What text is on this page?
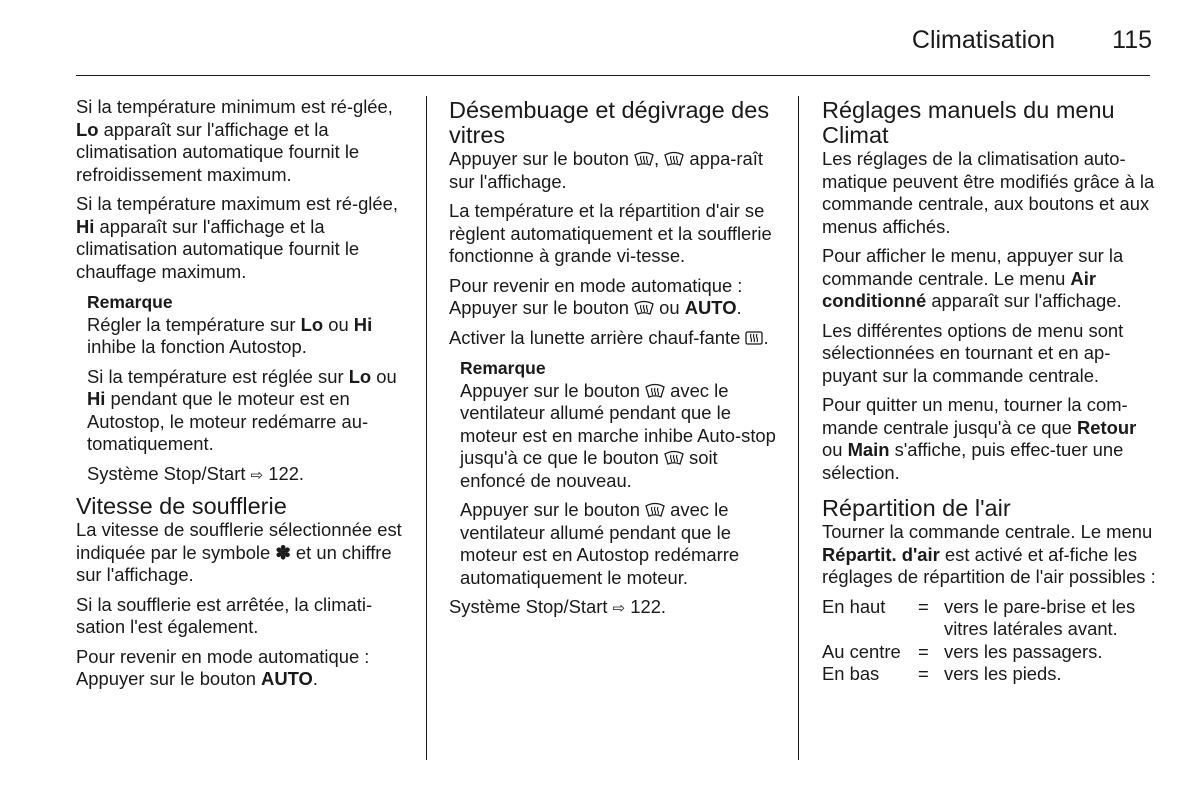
Climatisation 115

Si la température minimum est ré-glée, Lo apparaît sur l'affichage et la climatisation automatique fournit le refroidissement maximum.

Si la température maximum est ré-glée, Hi apparaît sur l'affichage et la climatisation automatique fournit le chauffage maximum.

Remarque

Régler la température sur Lo ou Hi inhibe la fonction Autostop.

Si la température est réglée sur Lo ou Hi pendant que le moteur est en Autostop, le moteur redémarre au-tomatiquement.

Système Stop/Start ⇨ 122.

Vitesse de soufflerie

La vitesse de soufflerie sélectionnée est indiquée par le symbole ✽ et un chiffre sur l'affichage.

Si la soufflerie est arrêtée, la climati-sation l'est également.

Pour revenir en mode automatique : Appuyer sur le bouton AUTO.

Désembuage et dégivrage des vitres

Appuyer sur le bouton
,
appa-raît sur l'affichage.

La température et la répartition d'air se règlent automatiquement et la soufflerie fonctionne à grande vi-tesse.

Pour revenir en mode automatique : Appuyer sur le bouton
ou AUTO.

Activer la lunette arrière chauf-fante
.

Remarque

Appuyer sur le bouton
avec le ventilateur allumé pendant que le moteur est en marche inhibe Auto-stop jusqu'à ce que le bouton
soit enfoncé de nouveau.

Appuyer sur le bouton
avec le ventilateur allumé pendant que le moteur est en Autostop redémarre automatiquement le moteur.

Système Stop/Start ⇨ 122.

Réglages manuels du menu Climat

Les réglages de la climatisation auto-matique peuvent être modifiés grâce à la commande centrale, aux boutons et aux menus affichés.

Pour afficher le menu, appuyer sur la commande centrale. Le menu Air conditionné apparaît sur l'affichage.

Les différentes options de menu sont sélectionnées en tournant et en ap-puyant sur la commande centrale.

Pour quitter un menu, tourner la com-mande centrale jusqu'à ce que Retour ou Main s'affiche, puis effec-tuer une sélection.

Répartition de l'air

Tourner la commande centrale. Le menu Répartit. d'air est activé et af-fiche les réglages de répartition de l'air possibles :

En haut	=	vers le pare-brise et les vitres latérales avant.
Au centre	=	vers les passagers.
En bas	=	vers les pieds.
